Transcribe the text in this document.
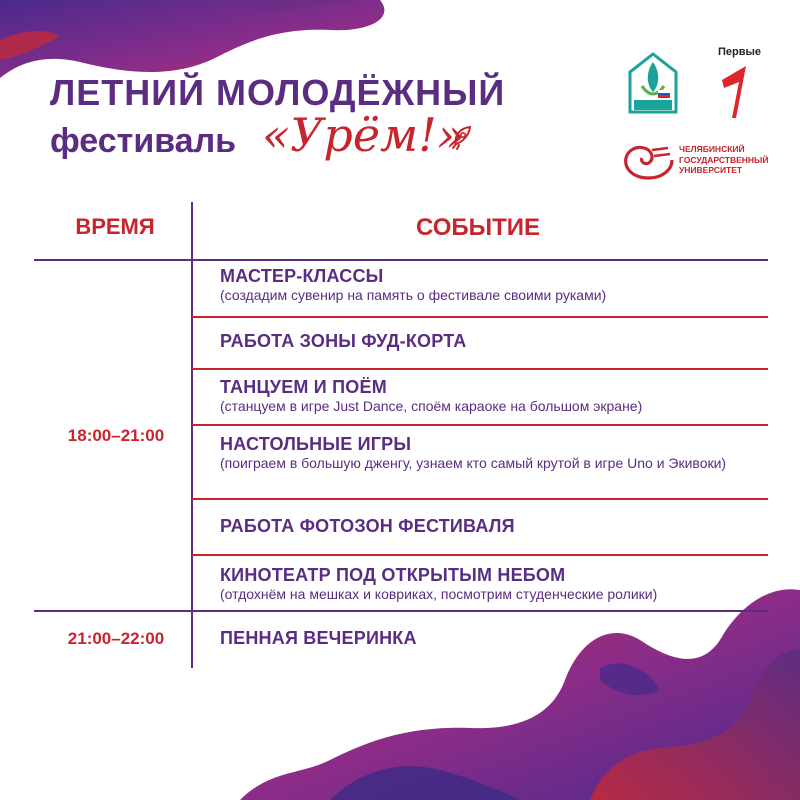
ЛЕТНИЙ МОЛОДЁЖНЫЙ
фестиваль «Урём!»
Первые
ЧЕЛЯБИНСКИЙ ГОСУДАРСТВЕННЫЙ УНИВЕРСИТЕТ
ВРЕМЯ	СОБЫТИЕ
18:00–21:00
21:00–22:00
МАСТЕР-КЛАССЫ
(создадим сувенир на память о фестивале своими руками)
РАБОТА ЗОНЫ ФУД-КОРТА
ТАНЦУЕМ И ПОЁМ
(станцуем в игре Just Dance, споём караоке на большом экране)
НАСТОЛЬНЫЕ ИГРЫ
(поиграем в большую дженгу, узнаем кто самый крутой в игре Uno и Экивоки)
РАБОТА ФОТОЗОН ФЕСТИВАЛЯ
КИНОТЕАТР ПОД ОТКРЫТЫМ НЕБОМ
(отдохнём на мешках и ковриках, посмотрим студенческие ролики)
ПЕННАЯ ВЕЧЕРИНКА
